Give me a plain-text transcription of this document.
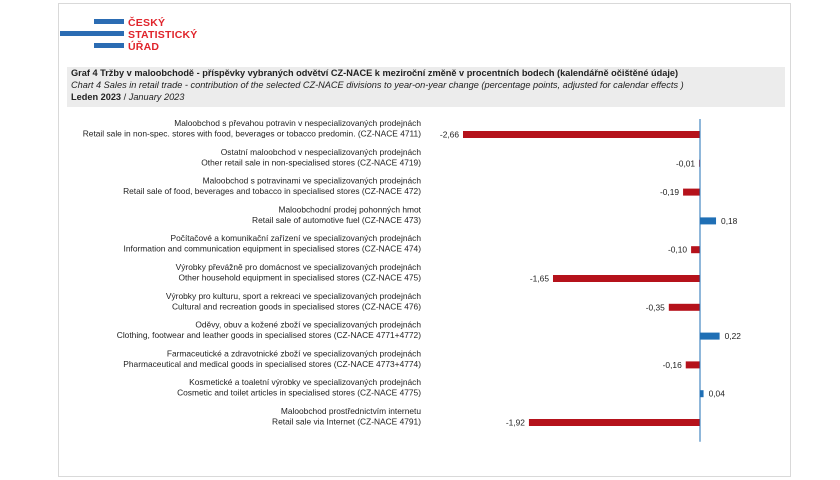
ČESKÝ
STATISTICKÝ
ÚŘAD
Graf 4 Tržby v maloobchodě - příspěvky vybraných odvětví CZ-NACE k meziroční změně v procentních bodech (kalendářně očištěné údaje)
Chart 4 Sales in retail trade - contribution of the selected CZ-NACE divisions to year-on-year change (percentage points, adjusted for calendar effects )
Leden 2023 / January 2023
Maloobchod s převahou potravin v nespecializovaných prodejnách
Retail sale in non-spec. stores with food, beverages or tobacco predomin. (CZ-NACE 4711) -2,66
Ostatní maloobchod v nespecializovaných prodejnách
Other retail sale in non-specialised stores (CZ-NACE 4719)	-0,01
Maloobchod s potravinami ve specializovaných prodejnách
Retail sale of food, beverages and tobacco in specialised stores (CZ-NACE 472)	-0,19
Maloobchodní prodej pohonných hmot
Retail sale of automotive fuel (CZ-NACE 473)	0,18
Počítačové a komunikační zařízení ve specializovaných prodejnách
Information and communication equipment in specialised stores (CZ-NACE 474)	-0,10
Výrobky převážně pro domácnost ve specializovaných prodejnách
Other household equipment in specialised stores (CZ-NACE 475)	-1,65
Výrobky pro kulturu, sport a rekreaci ve specializovaných prodejnách
Cultural and recreation goods in specialised stores (CZ-NACE 476)	-0,35
Oděvy, obuv a kožené zboží ve specializovaných prodejnách
Clothing, footwear and leather goods in specialised stores (CZ-NACE 4771+4772)	0,22
Farmaceutické a zdravotnické zboží ve specializovaných prodejnách
Pharmaceutical and medical goods in specialised stores (CZ-NACE 4773+4774)	-0,16
Kosmetické a toaletní výrobky ve specializovaných prodejnách
Cosmetic and toilet articles in specialised stores (CZ-NACE 4775)	0,04
Maloobchod prostřednictvím internetu
Retail sale via Internet (CZ-NACE 4791)	-1,92
